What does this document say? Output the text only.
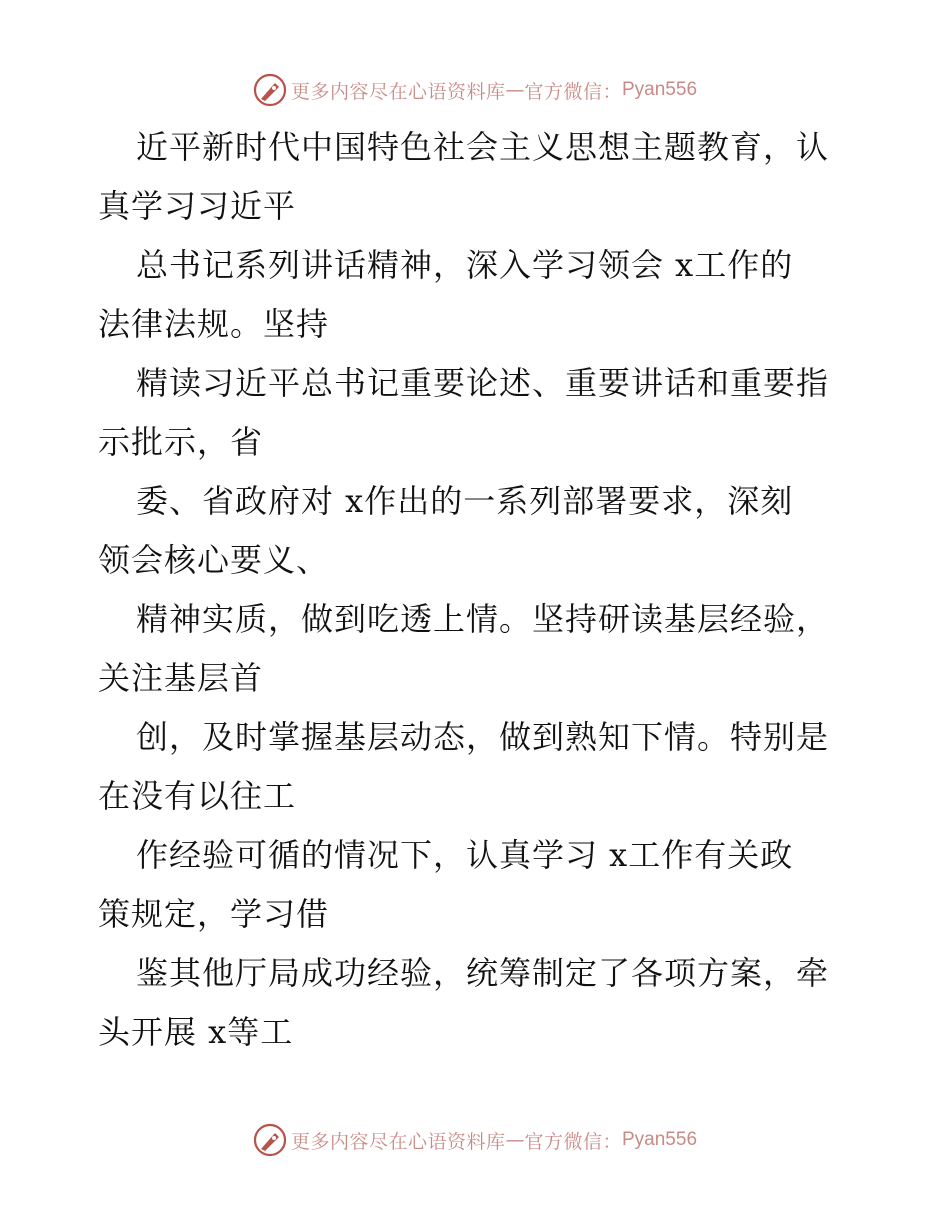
更多内容尽在心语资料库 — 官方微信： Pyan556

近平新时代中国特色社会主义思想主题教育，认
真学习习近平

总书记系列讲话精神，深入学习领会 x工作的
法律法规。坚持

精读习近平总书记重要论述、重要讲话和重要指
示批示，省

委、省政府对 x作出的一系列部署要求，深刻
领会核心要义、

精神实质，做到吃透上情。坚持研读基层经验，
关注基层首

创，及时掌握基层动态，做到熟知下情。特别是
在没有以往工

作经验可循的情况下，认真学习 x工作有关政
策规定，学习借

鉴其他厅局成功经验，统筹制定了各项方案，牵
头开展 x等工

更多内容尽在心语资料库 — 官方微信： Pyan556
